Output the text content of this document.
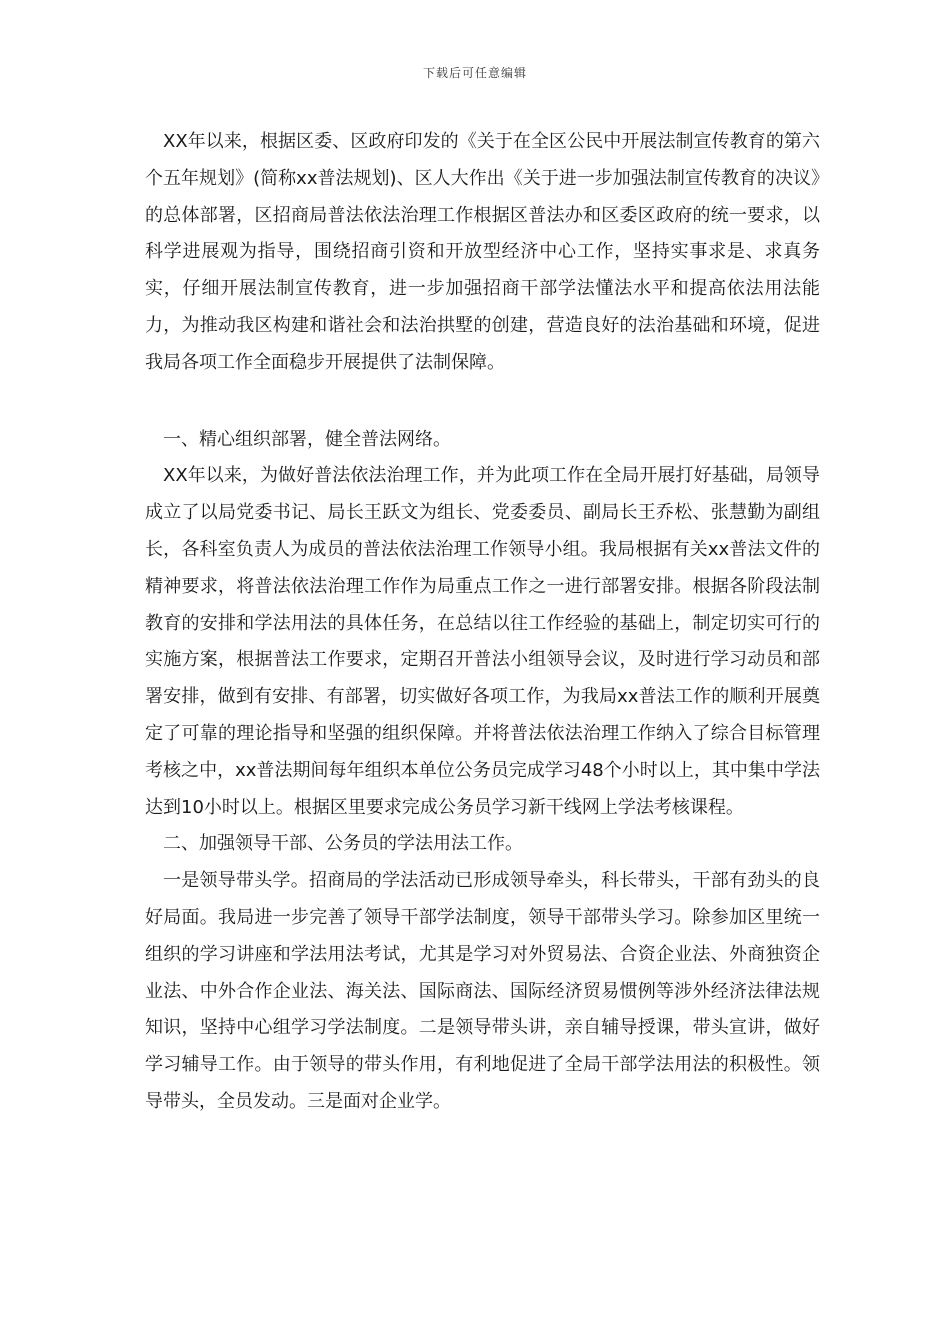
下载后可任意编辑

XX年以来，根据区委、区政府印发的《关于在全区公民中开展法制宣传教育的第六个五年规划》(简称xx普法规划)、区人大作出《关于进一步加强法制宣传教育的决议》的总体部署，区招商局普法依法治理工作根据区普法办和区委区政府的统一要求，以科学进展观为指导，围绕招商引资和开放型经济中心工作，坚持实事求是、求真务实，仔细开展法制宣传教育，进一步加强招商干部学法懂法水平和提高依法用法能力，为推动我区构建和谐社会和法治拱墅的创建，营造良好的法治基础和环境，促进我局各项工作全面稳步开展提供了法制保障。

一、精心组织部署，健全普法网络。

XX年以来，为做好普法依法治理工作，并为此项工作在全局开展打好基础，局领导成立了以局党委书记、局长王跃文为组长、党委委员、副局长王乔松、张慧勤为副组长，各科室负责人为成员的普法依法治理工作领导小组。我局根据有关xx普法文件的精神要求，将普法依法治理工作作为局重点工作之一进行部署安排。根据各阶段法制教育的安排和学法用法的具体任务，在总结以往工作经验的基础上，制定切实可行的实施方案，根据普法工作要求，定期召开普法小组领导会议，及时进行学习动员和部署安排，做到有安排、有部署，切实做好各项工作，为我局xx普法工作的顺利开展奠定了可靠的理论指导和坚强的组织保障。并将普法依法治理工作纳入了综合目标管理考核之中，xx普法期间每年组织本单位公务员完成学习48个小时以上，其中集中学法达到10小时以上。根据区里要求完成公务员学习新干线网上学法考核课程。

二、加强领导干部、公务员的学法用法工作。

一是领导带头学。招商局的学法活动已形成领导牵头，科长带头，干部有劲头的良好局面。我局进一步完善了领导干部学法制度，领导干部带头学习。除参加区里统一组织的学习讲座和学法用法考试，尤其是学习对外贸易法、合资企业法、外商独资企业法、中外合作企业法、海关法、国际商法、国际经济贸易惯例等涉外经济法律法规知识，坚持中心组学习学法制度。二是领导带头讲，亲自辅导授课，带头宣讲，做好学习辅导工作。由于领导的带头作用，有利地促进了全局干部学法用法的积极性。领导带头，全员发动。三是面对企业学。
